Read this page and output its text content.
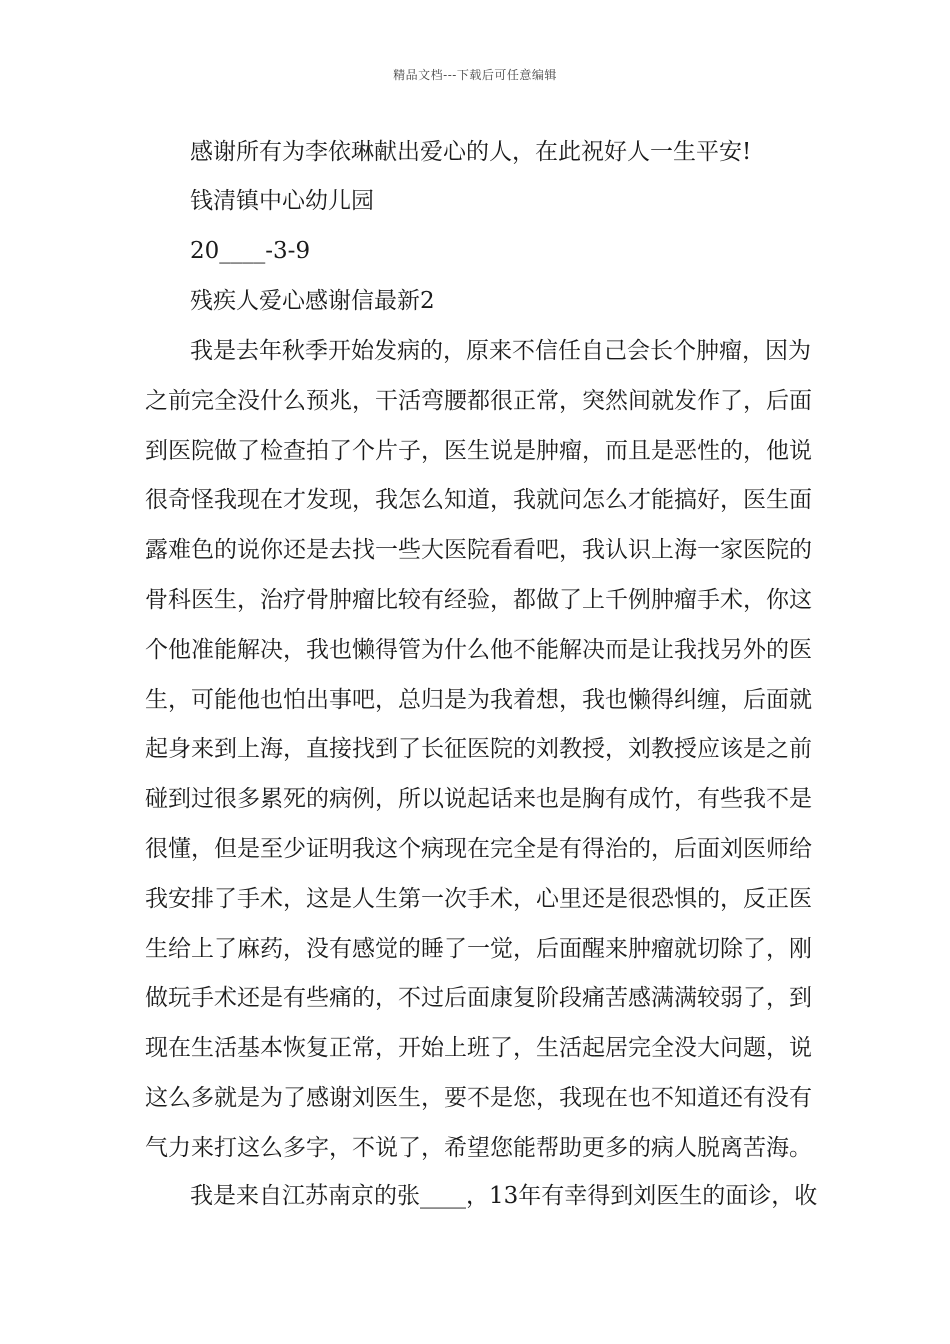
精品文档---下载后可任意编辑
感谢所有为李依琳献出爱心的人，在此祝好人一生平安!
钱清镇中心幼儿园
20____-3-9
残疾人爱心感谢信最新2
我是去年秋季开始发病的，原来不信任自己会长个肿瘤，因为
之前完全没什么预兆，干活弯腰都很正常，突然间就发作了，后面
到医院做了检查拍了个片子，医生说是肿瘤，而且是恶性的，他说
很奇怪我现在才发现，我怎么知道，我就问怎么才能搞好，医生面
露难色的说你还是去找一些大医院看看吧，我认识上海一家医院的
骨科医生，治疗骨肿瘤比较有经验，都做了上千例肿瘤手术，你这
个他准能解决，我也懒得管为什么他不能解决而是让我找另外的医
生，可能他也怕出事吧，总归是为我着想，我也懒得纠缠，后面就
起身来到上海，直接找到了长征医院的刘教授，刘教授应该是之前
碰到过很多累死的病例，所以说起话来也是胸有成竹，有些我不是
很懂，但是至少证明我这个病现在完全是有得治的，后面刘医师给
我安排了手术，这是人生第一次手术，心里还是很恐惧的，反正医
生给上了麻药，没有感觉的睡了一觉，后面醒来肿瘤就切除了，刚
做玩手术还是有些痛的，不过后面康复阶段痛苦感满满较弱了，到
现在生活基本恢复正常，开始上班了，生活起居完全没大问题，说
这么多就是为了感谢刘医生，要不是您，我现在也不知道还有没有
气力来打这么多字，不说了，希望您能帮助更多的病人脱离苦海。
我是来自江苏南京的张____，13年有幸得到刘医生的面诊，收
